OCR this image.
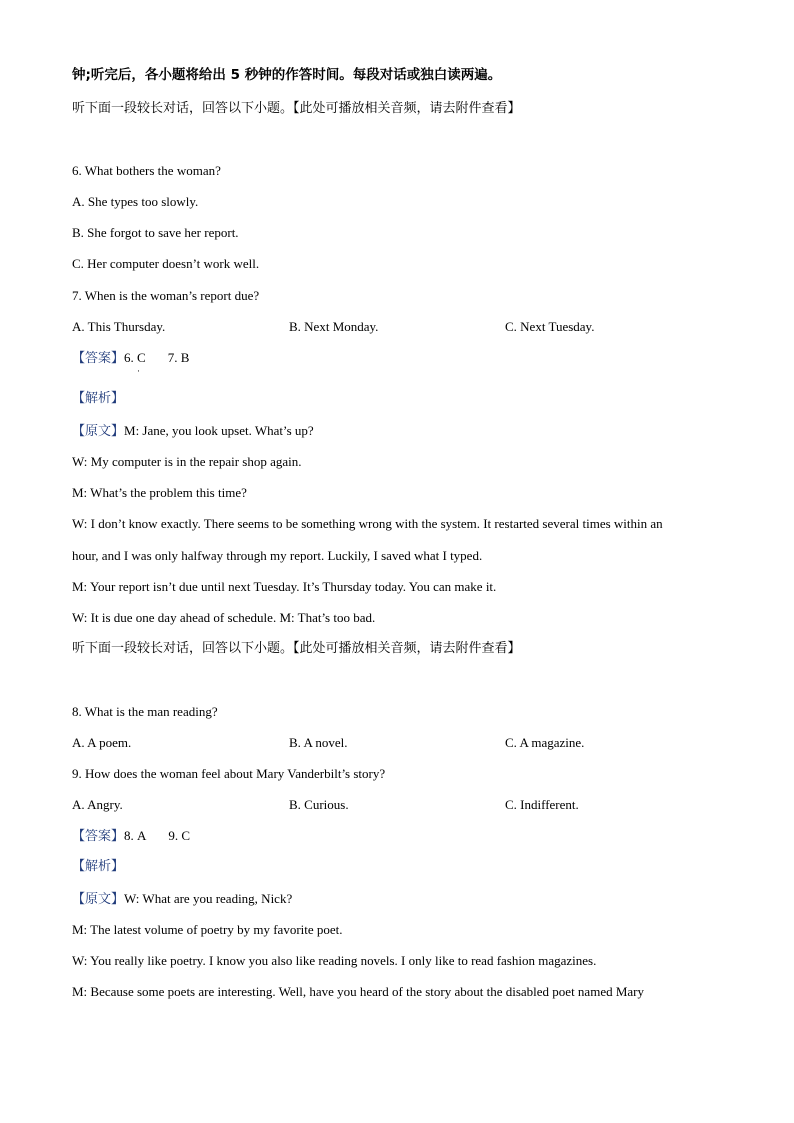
钟;听完后，各小题将给出 5 秒钟的作答时间。每段对话或独白读两遍。
听下面一段较长对话，回答以下小题。【此处可播放相关音频，请去附件查看】
6. What bothers the woman?
A. She types too slowly.
B. She forgot to save her report.
C. Her computer doesn’t work well.
7. When is the woman’s report due?
A. This Thursday.	B. Next Monday.	C. Next Tuesday.
【答案】6. C 7. B
·
【解析】
【原文】M: Jane, you look upset. What’s up?
W: My computer is in the repair shop again.
M: What’s the problem this time?
W: I don’t know exactly. There seems to be something wrong with the system. It restarted several times within an
hour, and I was only halfway through my report. Luckily, I saved what I typed.
M: Your report isn’t due until next Tuesday. It’s Thursday today. You can make it.
W: It is due one day ahead of schedule. M: That’s too bad.
听下面一段较长对话，回答以下小题。【此处可播放相关音频，请去附件查看】
8. What is the man reading?
A. A poem.	B. A novel.	C. A magazine.
9. How does the woman feel about Mary Vanderbilt’s story?
A. Angry.	B. Curious.	C. Indifferent.
【答案】8. A 9. C
【解析】
【原文】W: What are you reading, Nick?
M: The latest volume of poetry by my favorite poet.
W: You really like poetry. I know you also like reading novels. I only like to read fashion magazines.
M: Because some poets are interesting. Well, have you heard of the story about the disabled poet named Mary
